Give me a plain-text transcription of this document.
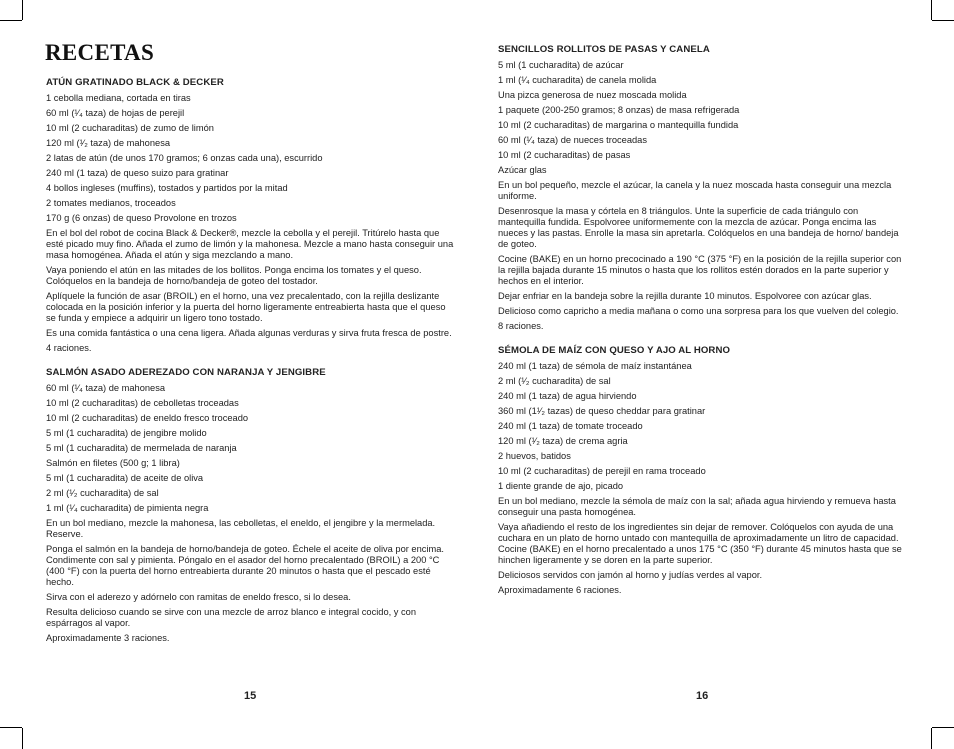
RECETAS
ATÚN GRATINADO BLACK & DECKER

1 cebolla mediana, cortada en tiras

60 ml (¹⁄₄ taza) de hojas de perejil

10 ml (2 cucharaditas) de zumo de limón

120 ml (¹⁄₂ taza) de mahonesa

2 latas de atún (de unos 170 gramos; 6 onzas cada una), escurrido

240 ml (1 taza) de queso suizo para gratinar

4 bollos ingleses (muffins), tostados y partidos por la mitad

2 tomates medianos, troceados

170 g (6 onzas) de queso Provolone en trozos

En el bol del robot de cocina Black & Decker®, mezcle la cebolla y el perejil. Tritúrelo hasta que esté picado muy fino. Añada el zumo de limón y la mahonesa. Mezcle a mano hasta conseguir una masa homogénea. Añada el atún y siga mezclando a mano.

Vaya poniendo el atún en las mitades de los bollitos. Ponga encima los tomates y el queso. Colóquelos en la bandeja de horno/bandeja de goteo del tostador.

Aplíquele la función de asar (BROIL) en el horno, una vez precalentado, con la rejilla deslizante colocada en la posición inferior y la puerta del horno ligeramente entreabierta hasta que el queso se funda y empiece a adquirir un ligero tono tostado.

Es una comida fantástica o una cena ligera. Añada algunas verduras y sirva fruta fresca de postre.

4 raciones.

SALMÓN ASADO ADEREZADO CON NARANJA Y JENGIBRE

60 ml (¹⁄₄ taza) de mahonesa

10 ml (2 cucharaditas) de cebolletas troceadas

10 ml (2 cucharaditas) de eneldo fresco troceado

5 ml (1 cucharadita) de jengibre molido

5 ml (1 cucharadita) de mermelada de naranja

Salmón en filetes (500 g; 1 libra)

5 ml (1 cucharadita) de aceite de oliva

2 ml (¹⁄₂ cucharadita) de sal

1 ml (¹⁄₄ cucharadita) de pimienta negra

En un bol mediano, mezcle la mahonesa, las cebolletas, el eneldo, el jengibre y la mermelada. Reserve.

Ponga el salmón en la bandeja de horno/bandeja de goteo. Échele el aceite de oliva por encima. Condimente con sal y pimienta. Póngalo en el asador del horno precalentado (BROIL) a 200 °C (400 °F) con la puerta del horno entreabierta durante 20 minutos o hasta que el pescado esté hecho.

Sirva con el aderezo y adórnelo con ramitas de eneldo fresco, si lo desea.

Resulta delicioso cuando se sirve con una mezcle de arroz blanco e integral cocido, y con espárragos al vapor.

Aproximadamente 3 raciones.

SENCILLOS ROLLITOS DE PASAS Y CANELA

5 ml (1 cucharadita) de azúcar

1 ml (¹⁄₄ cucharadita) de canela molida

Una pizca generosa de nuez moscada molida

1 paquete (200-250 gramos; 8 onzas) de masa refrigerada

10 ml (2 cucharaditas) de margarina o mantequilla fundida

60 ml (¹⁄₄ taza) de nueces troceadas

10 ml (2 cucharaditas) de pasas

Azúcar glas

En un bol pequeño, mezcle el azúcar, la canela y la nuez moscada hasta conseguir una mezcla uniforme.

Desenrosque la masa y córtela en 8 triángulos. Unte la superficie de cada triángulo con mantequilla fundida. Espolvoree uniformemente con la mezcla de azúcar. Ponga encima las nueces y las pastas. Enrolle la masa sin apretarla. Colóquelos en una bandeja de horno/ bandeja de goteo.

Cocine (BAKE) en un horno precocinado a 190 °C (375 °F) en la posición de la rejilla superior con la rejilla bajada durante 15 minutos o hasta que los rollitos estén dorados en la parte superior y hechos en el interior.

Dejar enfriar en la bandeja sobre la rejilla durante 10 minutos. Espolvoree con azúcar glas.

Delicioso como capricho a media mañana o como una sorpresa para los que vuelven del colegio.

8 raciones.

SÉMOLA DE MAÍZ CON QUESO Y AJO AL HORNO

240 ml (1 taza) de sémola de maíz instantánea

2 ml (¹⁄₂ cucharadita) de sal

240 ml (1 taza) de agua hirviendo

360 ml (1¹⁄₂ tazas) de queso cheddar para gratinar

240 ml (1 taza) de tomate troceado

120 ml (¹⁄₂ taza) de crema agria

2 huevos, batidos

10 ml (2 cucharaditas) de perejil en rama troceado

1 diente grande de ajo, picado

En un bol mediano, mezcle la sémola de maíz con la sal; añada agua hirviendo y remueva hasta conseguir una pasta homogénea.

Vaya añadiendo el resto de los ingredientes sin dejar de remover. Colóquelos con ayuda de una cuchara en un plato de horno untado con mantequilla de aproximadamente un litro de capacidad. Cocine (BAKE) en el horno precalentado a unos 175 °C (350 °F) durante 45 minutos hasta que se hinchen ligeramente y se doren en la parte superior.

Deliciosos servidos con jamón al horno y judías verdes al vapor.

Aproximadamente 6 raciones.

15	16
